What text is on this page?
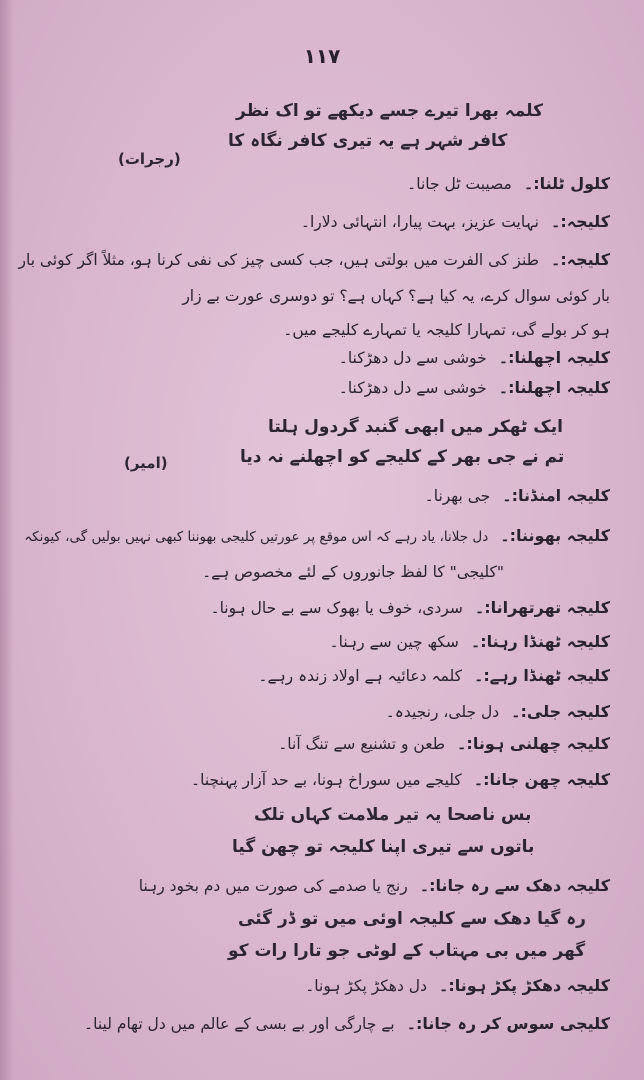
۱۱۷
کلمہ بھرا تیرے جسے دیکھے تو اک نظر
کافر شہر ہے یہ تیری کافر نگاہ کا
(رجرات)
کلول ٹلنا:۔مصیبت ٹل جانا۔
کلیجہ:۔نہایت عزیز، بہت پیارا، انتہائی دلارا۔
کلیجہ:۔طنز کی الفرت میں بولتی ہیں، جب کسی چیز کی نفی کرنا ہو، مثلاً اگر کوئی بار
بار کوئی سوال کرے، یہ کیا ہے؟ کہاں ہے؟ تو دوسری عورت بے زار
ہو کر بولے گی، تمہارا کلیجہ یا تمہارے کلیجے میں۔
کلیجہ اچھلنا:۔خوشی سے دل دھڑکنا۔
کلیجہ اچھلنا:۔خوشی سے دل دھڑکنا۔
ایک ٹھکر میں ابھی گنبد گردول ہلتا
تم نے جی بھر کے کلیجے کو اچھلنے نہ دیا
(امیر)
کلیجہ امنڈنا:۔جی بھرنا۔
کلیجہ بھوننا:۔دل جلانا، یاد رہے کہ اس موقع پر عورتیں کلیجی بھوننا کبھی نہیں بولیں گی، کیونکہ
"کلیجی" کا لفظ جانوروں کے لئے مخصوص ہے۔
کلیجہ تھرتھرانا:۔سردی، خوف یا بھوک سے بے حال ہونا۔
کلیجہ ٹھنڈا رہنا:۔سکھ چین سے رہنا۔
کلیجہ ٹھنڈا رہے:۔کلمہ دعائیہ ہے اولاد زندہ رہے۔
کلیجہ جلی:۔دل جلی، رنجیدہ۔
کلیجہ چھلنی ہونا:۔طعن و تشنیع سے تنگ آنا۔
کلیجہ چھن جانا:۔کلیجے میں سوراخ ہونا، بے حد آزار پہنچنا۔
بس ناصحا یہ تیر ملامت کہاں تلک
باتوں سے تیری اپنا کلیجہ تو چھن گیا
کلیجہ دھک سے رہ جانا:۔رنج یا صدمے کی صورت میں دم بخود رہنا
رہ گیا دھک سے کلیجہ اوئی میں تو ڈر گئی
گھر میں بی مہتاب کے لوٹی جو تارا رات کو
کلیجہ دھکڑ پکڑ ہونا:۔دل دھکڑ پکڑ ہونا۔
کلیجی سوس کر رہ جانا:۔بے چارگی اور بے بسی کے عالم میں دل تھام لینا۔
